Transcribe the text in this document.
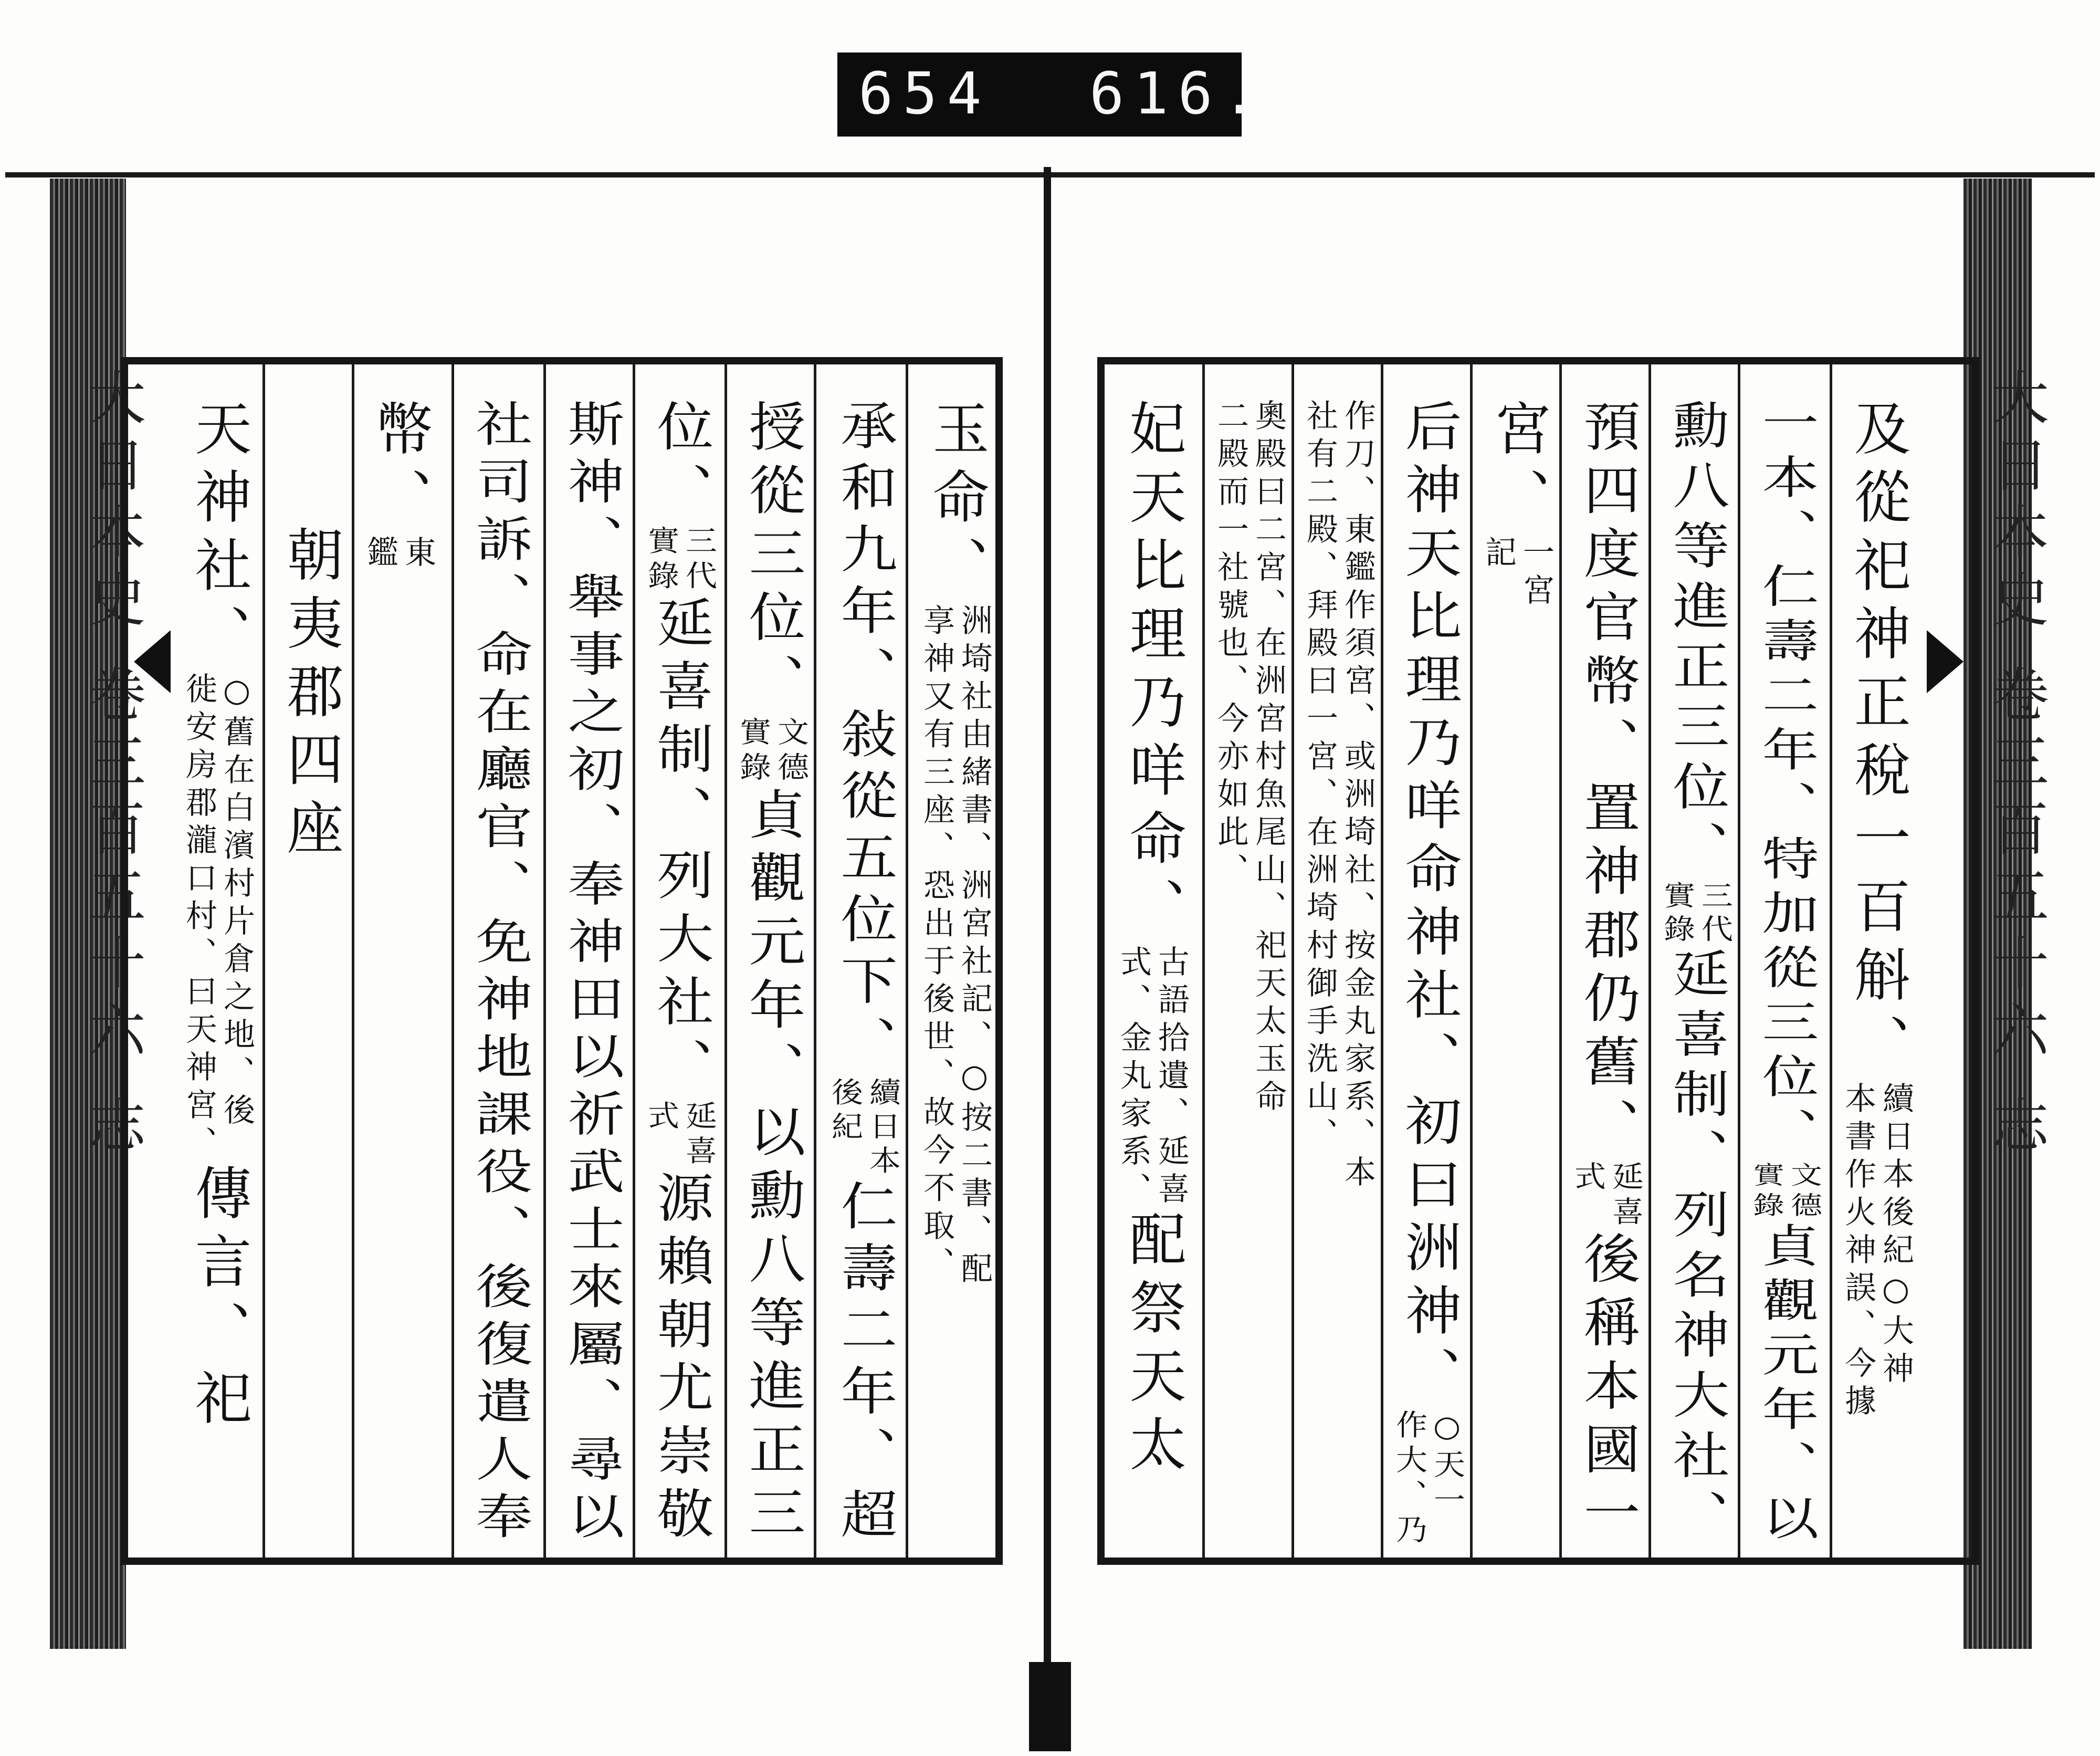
654 616.
大日本史 卷三百五十六 志	大日本史 卷三百五十六 志
及從祀神正稅一百斛、
續日本後紀○大神
本書作火神誤、今據
一本、仁壽二年、特加從三位、
文德
實錄
貞觀元年、以
勳八等進正三位、
三代
實錄
延喜制、列名神大社、
預四度官幣、置神郡仍舊、
延喜
式
後稱本國一
宮、
一宮
記
后神天比理乃咩命神社、初曰洲神、
○天一
作大、乃
作刀、東鑑作須宮、或洲埼社、按金丸家系、本
社有二殿、拜殿曰一宮、在洲埼村御手洗山、
奧殿曰二宮、在洲宮村魚尾山、祀天太玉命
二殿而一社號也、今亦如此、
妃天比理乃咩命、
古語拾遺、延喜
式、金丸家系、
配祭天太
玉命、
洲埼社由緒書、洲宮社記、○按二書、配
享神又有三座、恐出于後世、故今不取、
承和九年、敍從五位下、
續日本
後紀
仁壽二年、超
授從三位、
文德
實錄
貞觀元年、以勳八等進正三
位、
三代
實錄
延喜制、列大社、
延喜
式
源賴朝尤崇敬
斯神、舉事之初、奉神田以祈武士來屬、尋以
社司訴、命在廳官、免神地課役、後復遣人奉
幣、
東
鑑
朝夷郡四座
天神社、
○舊在白濱村片倉之地、後
徙安房郡瀧口村、曰天神宮、
傳言、祀
